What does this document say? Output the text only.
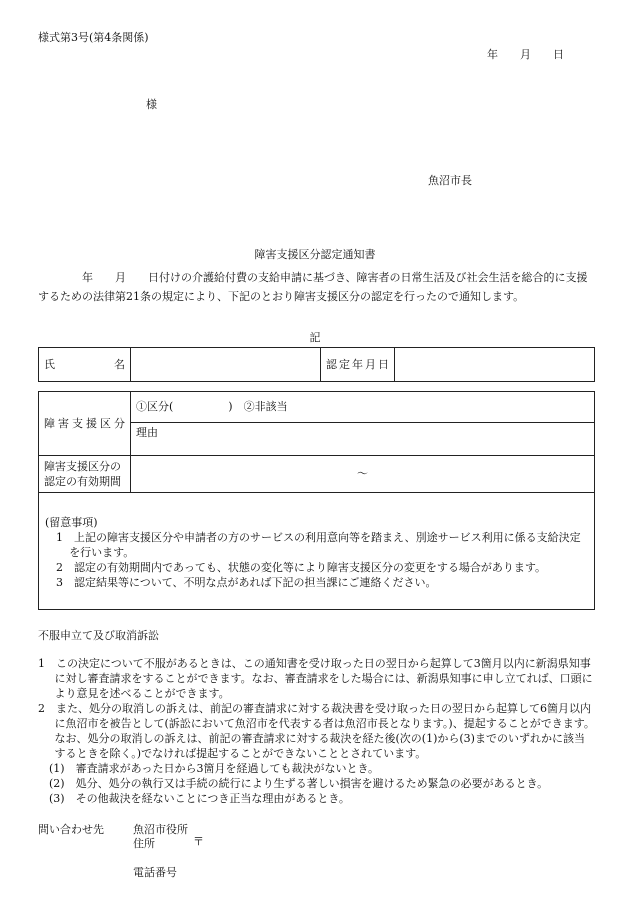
様式第3号(第4条関係)
年　　月　　日
様
魚沼市長
障害支援区分認定通知書
　　　　年　　月　　日付けの介護給付費の支給申請に基づき、障害者の日常生活及び社会生活を総合的に支援するための法律第21条の規定により、下記のとおり障害支援区分の認定を行ったので通知します。
記
氏名		認定年月日

障害支援区分	①区分(　　　　　)　②非該当
	理由

障害支援区分の
認定の有効期間	～

(留意事項)
1　上記の障害支援区分や申請者の方のサービスの利用意向等を踏まえ、別途サービス利用に係る支給決定を行います。
2　認定の有効期間内であっても、状態の変化等により障害支援区分の変更をする場合があります。
3　認定結果等について、不明な点があれば下記の担当課にご連絡ください。	
不服申立て及び取消訴訟

1　この決定について不服があるときは、この通知書を受け取った日の翌日から起算して3箇月以内に新潟県知事に対し審査請求をすることができます。なお、審査請求をした場合には、新潟県知事に申し立てれば、口頭により意見を述べることができます。

2　また、処分の取消しの訴えは、前記の審査請求に対する裁決書を受け取った日の翌日から起算して6箇月以内に魚沼市を被告として(訴訟において魚沼市を代表する者は魚沼市長となります。)、提起することができます。なお、処分の取消しの訴えは、前記の審査請求に対する裁決を経た後(次の(1)から(3)までのいずれかに該当するときを除く。)でなければ提起することができないこととされています。

(1)　審査請求があった日から3箇月を経過しても裁決がないとき。

(2)　処分、処分の執行又は手続の続行により生ずる著しい損害を避けるため緊急の必要があるとき。

(3)　その他裁決を経ないことにつき正当な理由があるとき。

問い合わせ先	魚沼市役所
住所	〒
電話番号
